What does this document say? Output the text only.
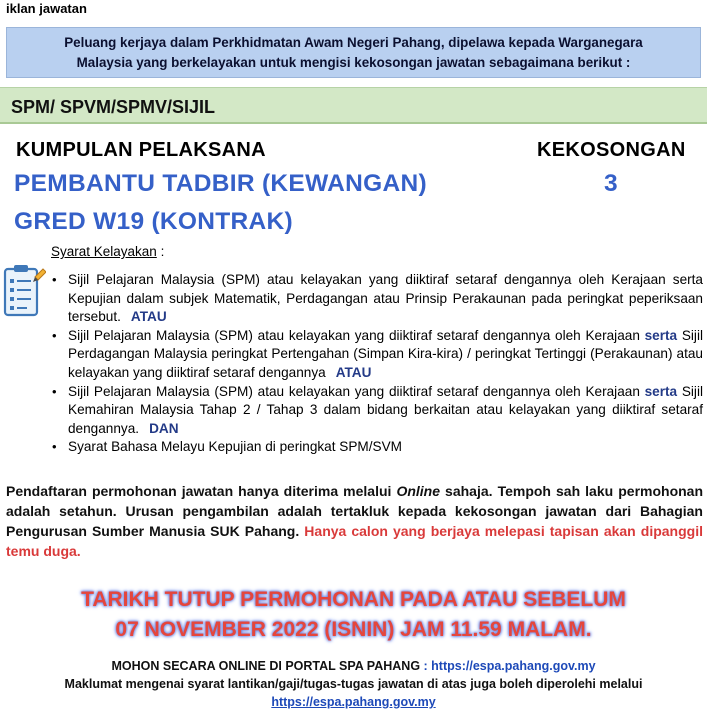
iklan jawatan
Peluang kerjaya dalam Perkhidmatan Awam Negeri Pahang, dipelawa kepada Warganegara
Malaysia yang berkelayakan untuk mengisi kekosongan jawatan sebagaimana berikut :
SPM/ SPVM/SPMV/SIJIL
KUMPULAN PELAKSANA	KEKOSONGAN
PEMBANTU TADBIR (KEWANGAN)	3
GRED W19 (KONTRAK)
Syarat Kelayakan :
• Sijil Pelajaran Malaysia (SPM) atau kelayakan yang diiktiraf setaraf dengannya oleh Kerajaan serta Kepujian dalam subjek Matematik, Perdagangan atau Prinsip Perakaunan pada peringkat peperiksaan tersebut. ATAU
• Sijil Pelajaran Malaysia (SPM) atau kelayakan yang diiktiraf setaraf dengannya oleh Kerajaan serta Sijil Perdagangan Malaysia peringkat Pertengahan (Simpan Kira-kira) / peringkat Tertinggi (Perakaunan) atau kelayakan yang diiktiraf setaraf dengannya ATAU
• Sijil Pelajaran Malaysia (SPM) atau kelayakan yang diiktiraf setaraf dengannya oleh Kerajaan serta Sijil Kemahiran Malaysia Tahap 2 / Tahap 3 dalam bidang berkaitan atau kelayakan yang diiktiraf setaraf dengannya. DAN
• Syarat Bahasa Melayu Kepujian di peringkat SPM/SVM
Pendaftaran permohonan jawatan hanya diterima melalui Online sahaja. Tempoh sah laku permohonan adalah setahun. Urusan pengambilan adalah tertakluk kepada kekosongan jawatan dari Bahagian Pengurusan Sumber Manusia SUK Pahang. Hanya calon yang berjaya melepasi tapisan akan dipanggil temu duga.
TARIKH TUTUP PERMOHONAN PADA ATAU SEBELUM
07 NOVEMBER 2022 (ISNIN) JAM 11.59 MALAM.
MOHON SECARA ONLINE DI PORTAL SPA PAHANG : https://espa.pahang.gov.my
Maklumat mengenai syarat lantikan/gaji/tugas-tugas jawatan di atas juga boleh diperolehi melalui
https://espa.pahang.gov.my
